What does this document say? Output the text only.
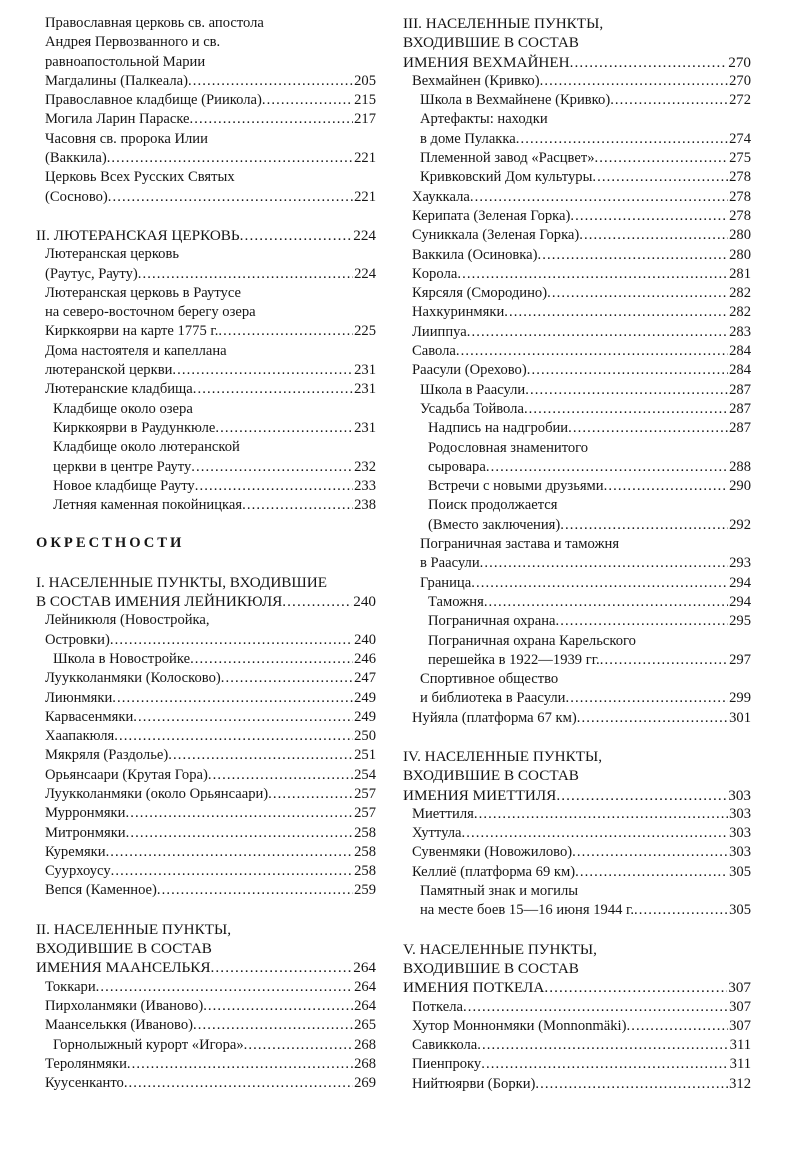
Православная церковь св. апостола
Андрея Первозванного и св.
равноапостольной Марии
Магдалины (Палкеала) .....	205
Православное кладбище (Риикола) .....	215
Могила Ларин Параске .....	217
Часовня св. пророка Илии
(Ваккила) .....	221
Церковь Всех Русских Святых
(Сосново) .....	221
II. ЛЮТЕРАНСКАЯ ЦЕРКОВЬ .....	224
Лютеранская церковь
(Раутус, Рауту) .....	224
Лютеранская церковь в Раутусе
на северо-восточном берегу озера
Кирккоярви на карте 1775 г. .....	225
Дома настоятеля и капеллана
лютеранской церкви .....	231
Лютеранские кладбища .....	231
Кладбище около озера
Кирккоярви в Раудункюле .....	231
Кладбище около лютеранской
церкви в центре Рауту .....	232
Новое кладбище Рауту .....	233
Летняя каменная покойницкая .....	238
ОКРЕСТНОСТИ
I. НАСЕЛЕННЫЕ ПУНКТЫ, ВХОДИВШИЕ
В СОСТАВ ИМЕНИЯ ЛЕЙНИКЮЛЯ .....	240
Лейникюля (Новостройка,
Островки) .....	240
Школа в Новостройке .....	246
Луукколанмяки (Колосково) .....	247
Лиюнмяки .....	249
Карвасенмяки .....	249
Хаапакюля .....	250
Мякряля (Раздолье) .....	251
Орьянсаари (Крутая Гора) .....	254
Луукколанмяки (около Орьянсаари) .....	257
Мурронмяки .....	257
Митронмяки .....	258
Куремяки .....	258
Суурхоусу .....	258
Вепся (Каменное) .....	259
II. НАСЕЛЕННЫЕ ПУНКТЫ,
ВХОДИВШИЕ В СОСТАВ
ИМЕНИЯ МААНСЕЛЬКЯ .....	264
Токкари .....	264
Пирхоланмяки (Иваново) .....	264
Маансельккя (Иваново) .....	265
Горнолыжный курорт «Игора» .....	268
Теролянмяки .....	268
Куусенканто .....	269
III. НАСЕЛЕННЫЕ ПУНКТЫ,
ВХОДИВШИЕ В СОСТАВ
ИМЕНИЯ ВЕХМАЙНЕН .....	270
Вехмайнен (Кривко) .....	270
Школа в Вехмайнене (Кривко) .....	272
Артефакты: находки
в доме Пулакка .....	274
Племенной завод «Расцвет» .....	275
Кривковский Дом культуры .....	278
Хауккала .....	278
Керипата (Зеленая Горка) .....	278
Суниккала (Зеленая Горка) .....	280
Ваккила (Осиновка) .....	280
Кopoла .....	281
Кярсяля (Смородино) .....	282
Нахкуринмяки .....	282
Лииппуа .....	283
Савола .....	284
Раасули (Орехово) .....	284
Школа в Раасули .....	287
Усадьба Тойвола .....	287
Надпись на надгробии .....	287
Родословная знаменитого
сыровара .....	288
Встречи с новыми друзьями .....	290
Поиск продолжается
(Вместо заключения) .....	292
Пограничная застава и таможня
в Раасули .....	293
Граница .....	294
Таможня .....	294
Пограничная охрана .....	295
Пограничная охрана Карельского
перешейка в 1922—1939 гг. .....	297
Спортивное общество
и библиотека в Раасули .....	299
Нуйяла (платформа 67 км) .....	301
IV. НАСЕЛЕННЫЕ ПУНКТЫ,
ВХОДИВШИЕ В СОСТАВ
ИМЕНИЯ МИЕТТИЛЯ .....	303
Миеттиля .....	303
Хуттула .....	303
Сувенмяки (Новожилово) .....	303
Келлиё (платформа 69 км) .....	305
Памятный знак и могилы
на месте боев 15—16 июня 1944 г. .....	305
V. НАСЕЛЕННЫЕ ПУНКТЫ,
ВХОДИВШИЕ В СОСТАВ
ИМЕНИЯ ПОТКЕЛА .....	307
Поткела .....	307
Хутор Моннонмяки (Monnonmäki) .....	307
Савиккола .....	311
Пиенпроку .....	311
Нийтюярви (Борки) .....	312
